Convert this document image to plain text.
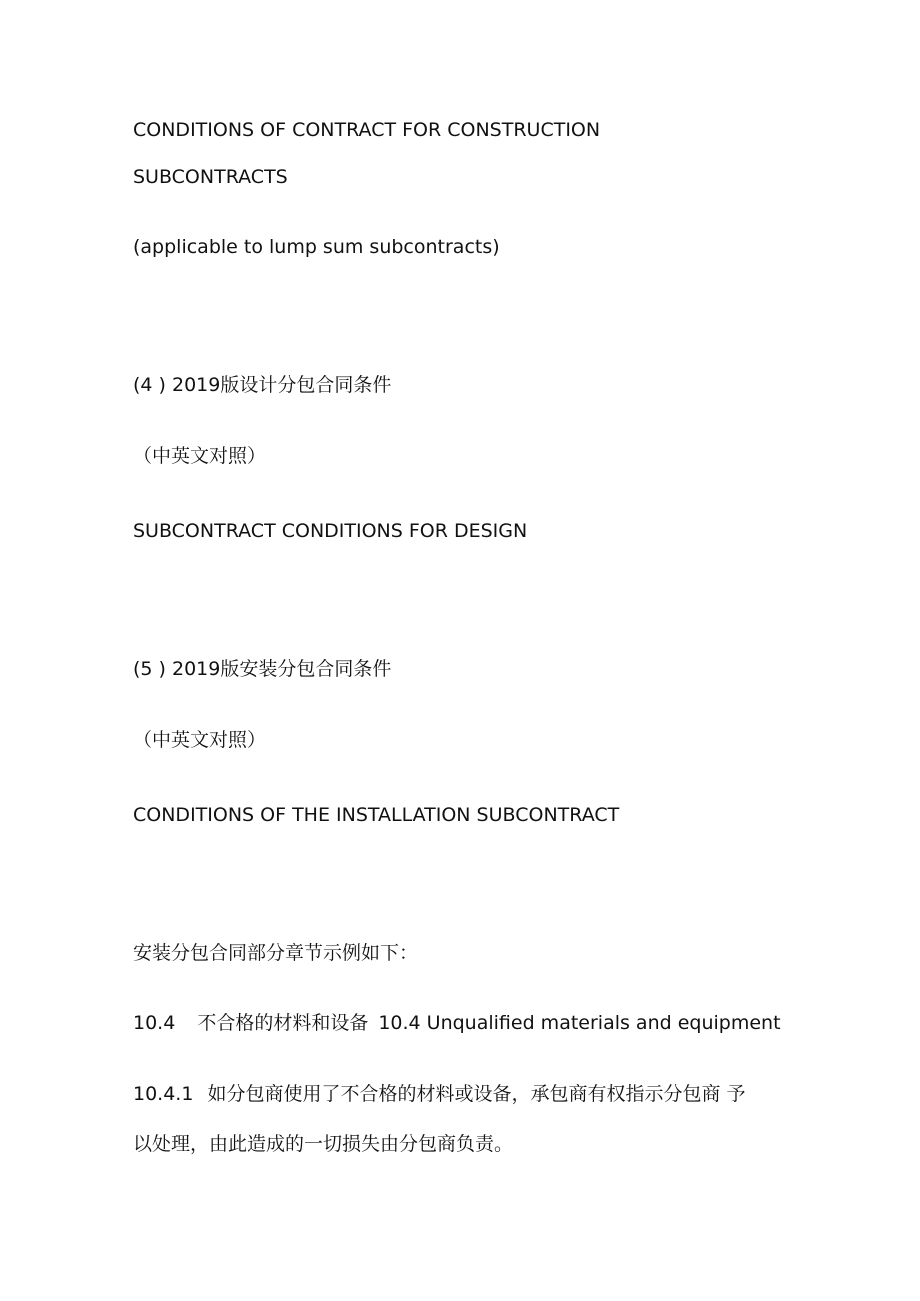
CONDITIONS OF CONTRACT FOR CONSTRUCTION

SUBCONTRACTS

(applicable to lump sum subcontracts)

(4 ) 2019版设计分包合同条件

（中英文对照）

SUBCONTRACT CONDITIONS FOR DESIGN

(5 ) 2019版安装分包合同条件

（中英文对照）

CONDITIONS OF THE INSTALLATION SUBCONTRACT

安装分包合同部分章节示例如下：

10.4 不合格的材料和设备 10.4 Unqualified materials and equipment

10.4.1 如分包商使用了不合格的材料或设备，承包商有权指示分包商 予

以处理，由此造成的一切损失由分包商负责。
